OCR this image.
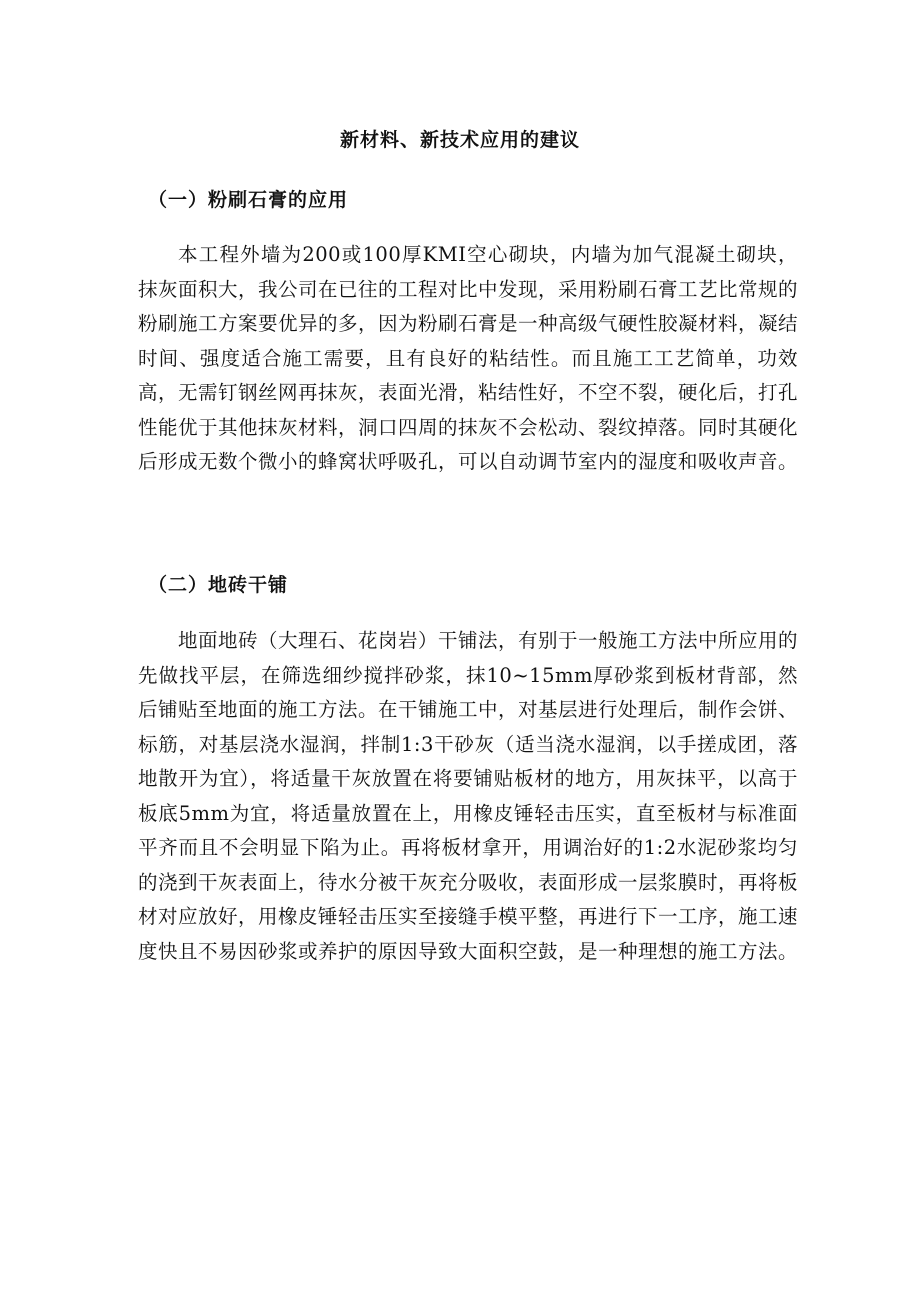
新材料、新技术应用的建议
（一）粉刷石膏的应用

本工程外墙为200或100厚KMI空心砌块，内墙为加气混凝土砌块，抹灰面积大，我公司在已往的工程对比中发现，采用粉刷石膏工艺比常规的粉刷施工方案要优异的多，因为粉刷石膏是一种高级气硬性胶凝材料，凝结时间、强度适合施工需要，且有良好的粘结性。而且施工工艺简单，功效高，无需钉钢丝网再抹灰，表面光滑，粘结性好，不空不裂，硬化后，打孔性能优于其他抹灰材料，洞口四周的抹灰不会松动、裂纹掉落。同时其硬化后形成无数个微小的蜂窝状呼吸孔，可以自动调节室内的湿度和吸收声音。

（二）地砖干铺

地面地砖（大理石、花岗岩）干铺法，有别于一般施工方法中所应用的先做找平层，在筛选细纱搅拌砂浆，抹10~15mm厚砂浆到板材背部，然后铺贴至地面的施工方法。在干铺施工中，对基层进行处理后，制作会饼、标筋，对基层浇水湿润，拌制1:3干砂灰（适当浇水湿润，以手搓成团，落地散开为宜），将适量干灰放置在将要铺贴板材的地方，用灰抹平，以高于板底5mm为宜，将适量放置在上，用橡皮锤轻击压实，直至板材与标准面平齐而且不会明显下陷为止。再将板材拿开，用调治好的1:2水泥砂浆均匀的浇到干灰表面上，待水分被干灰充分吸收，表面形成一层浆膜时，再将板材对应放好，用橡皮锤轻击压实至接缝手模平整，再进行下一工序，施工速度快且不易因砂浆或养护的原因导致大面积空鼓，是一种理想的施工方法。
